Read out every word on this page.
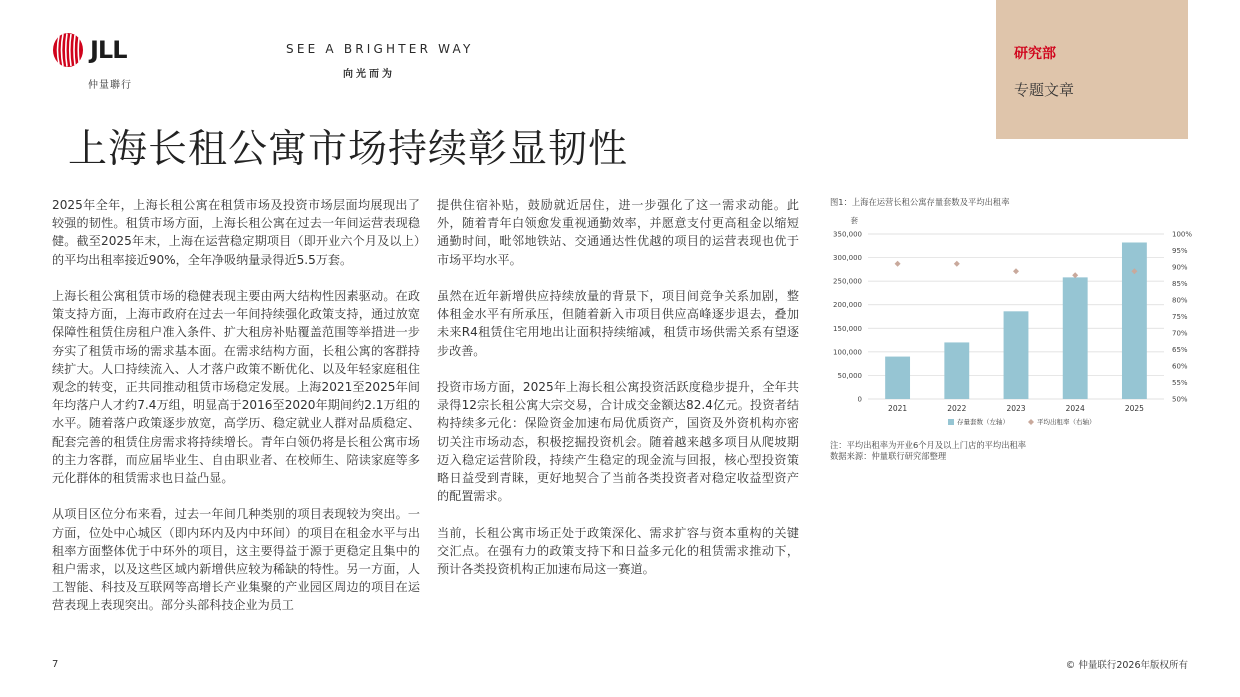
JLL
仲量聯行
SEE A BRIGHTER WAY
向光而为
研究部
专题文章
上海长租公寓市场持续彰显韧性

2025年全年，上海长租公寓在租赁市场及投资市场层面均展现出了较强的韧性。租赁市场方面，上海长租公寓在过去一年间运营表现稳健。截至2025年末，上海在运营稳定期项目（即开业六个月及以上）的平均出租率接近90%，全年净吸纳量录得近5.5万套。

上海长租公寓租赁市场的稳健表现主要由两大结构性因素驱动。在政策支持方面，上海市政府在过去一年间持续强化政策支持，通过放宽保障性租赁住房租户准入条件、扩大租房补贴覆盖范围等举措进一步夯实了租赁市场的需求基本面。在需求结构方面，长租公寓的客群持续扩大。人口持续流入、人才落户政策不断优化、以及年轻家庭租住观念的转变，正共同推动租赁市场稳定发展。上海2021至2025年间年均落户人才约7.4万组，明显高于2016至2020年期间约2.1万组的水平。随着落户政策逐步放宽，高学历、稳定就业人群对品质稳定、配套完善的租赁住房需求将持续增长。青年白领仍将是长租公寓市场的主力客群，而应届毕业生、自由职业者、在校师生、陪读家庭等多元化群体的租赁需求也日益凸显。

从项目区位分布来看，过去一年间几种类别的项目表现较为突出。一方面，位处中心城区（即内环内及内中环间）的项目在租金水平与出租率方面整体优于中环外的项目，这主要得益于源于更稳定且集中的租户需求，以及这些区域内新增供应较为稀缺的特性。另一方面，人工智能、科技及互联网等高增长产业集聚的产业园区周边的项目在运营表现上表现突出。部分头部科技企业为员工

提供住宿补贴，鼓励就近居住，进一步强化了这一需求动能。此外，随着青年白领愈发重视通勤效率，并愿意支付更高租金以缩短通勤时间，毗邻地铁站、交通通达性优越的项目的运营表现也优于市场平均水平。

虽然在近年新增供应持续放量的背景下，项目间竞争关系加剧，整体租金水平有所承压，但随着新入市项目供应高峰逐步退去，叠加未来R4租赁住宅用地出让面积持续缩减，租赁市场供需关系有望逐步改善。

投资市场方面，2025年上海长租公寓投资活跃度稳步提升，全年共录得12宗长租公寓大宗交易，合计成交金额达82.4亿元。投资者结构持续多元化：保险资金加速布局优质资产，国资及外资机构亦密切关注市场动态，积极挖掘投资机会。随着越来越多项目从爬坡期迈入稳定运营阶段，持续产生稳定的现金流与回报，核心型投资策略日益受到青睐，更好地契合了当前各类投资者对稳定收益型资产的配置需求。

当前，长租公寓市场正处于政策深化、需求扩容与资本重构的关键交汇点。在强有力的政策支持下和日益多元化的租赁需求推动下，预计各类投资机构正加速布局这一赛道。

图1：上海在运营长租公寓存量套数及平均出租率
套
0
50,000
100,000
150,000
200,000
250,000
300,000
350,000
50%
55%
60%
65%
70%
75%
80%
85%
90%
95%
100%
2021	2022	2023	2024	2025
存量套数（左轴）	平均出租率（右轴）
注：平均出租率为开业6个月及以上门店的平均出租率
数据来源：仲量联行研究部整理
7	© 仲量联行2026年版权所有
